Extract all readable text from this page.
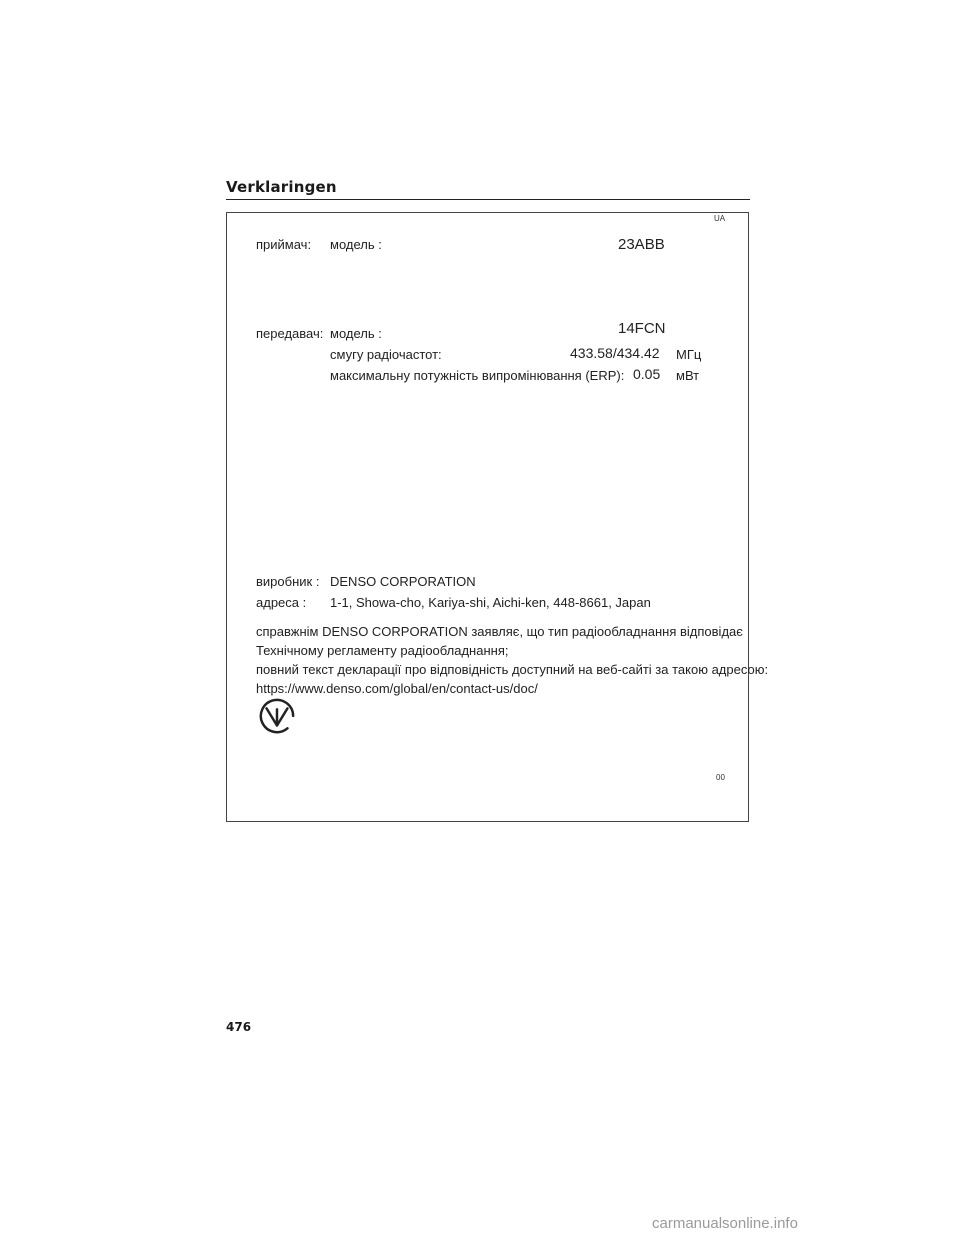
Verklaringen
UA
приймач: модель :	23ABB
передавач: модель :	14FCN
смугу радіочастот:	433.58/434.42 МГц
максимальну потужність випромінювання (ERP): 0.05 мВт
виробник : DENSO CORPORATION
адреса : 1-1, Showa-cho, Kariya-shi, Aichi-ken, 448-8661, Japan
справжнім DENSO CORPORATION заявляє, що тип радіообладнання відповідає
Технічному регламенту радіообладнання;
повний текст декларації про відповідність доступний на веб-сайті за такою адресою:
https://www.denso.com/global/en/contact-us/doc/
00
476
carmanualsonline.info
